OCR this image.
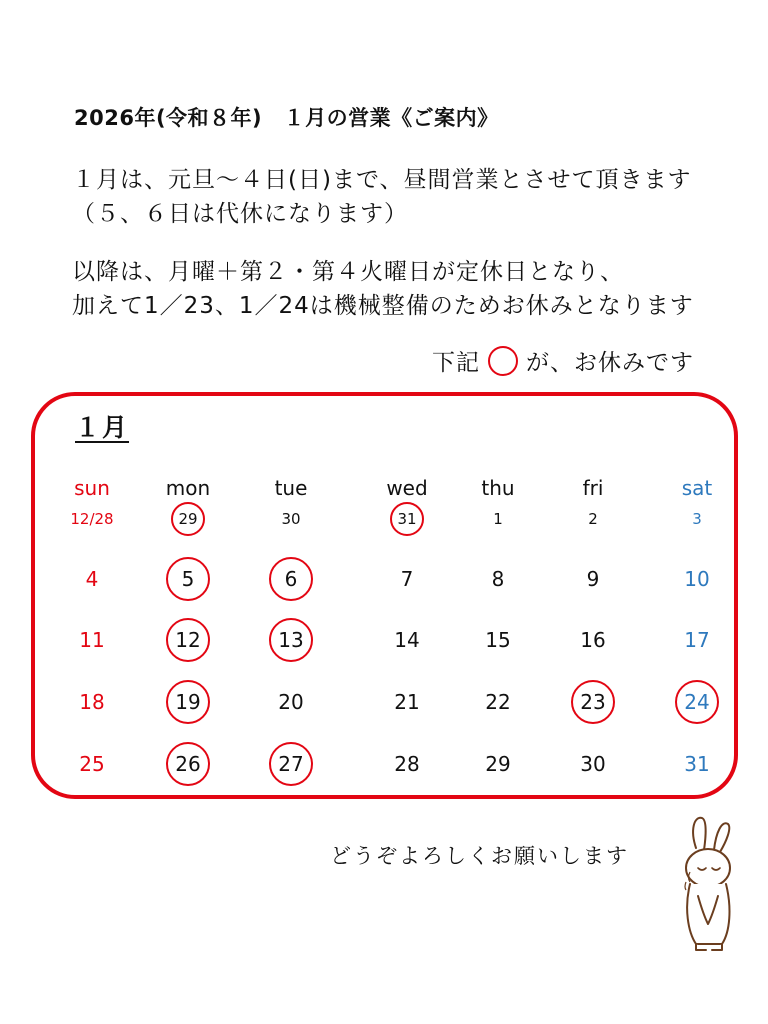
2026年(令和８年)　１月の営業《ご案内》
１月は、元旦～４日(日)まで、昼間営業とさせて頂きます
（５、６日は代休になります）
以降は、月曜＋第２・第４火曜日が定休日となり、
加えて1／23、1／24は機械整備のためお休みとなります
下記 が、お休みです
１月
sun	mon	tue	wed	thu	fri	sat
12/28	29	30	31	1	2	3
4	5	6	7	8	9	10
11	12	13	14	15	16	17
18	19	20	21	22	23	24
25	26	27	28	29	30	31
どうぞよろしくお願いします
